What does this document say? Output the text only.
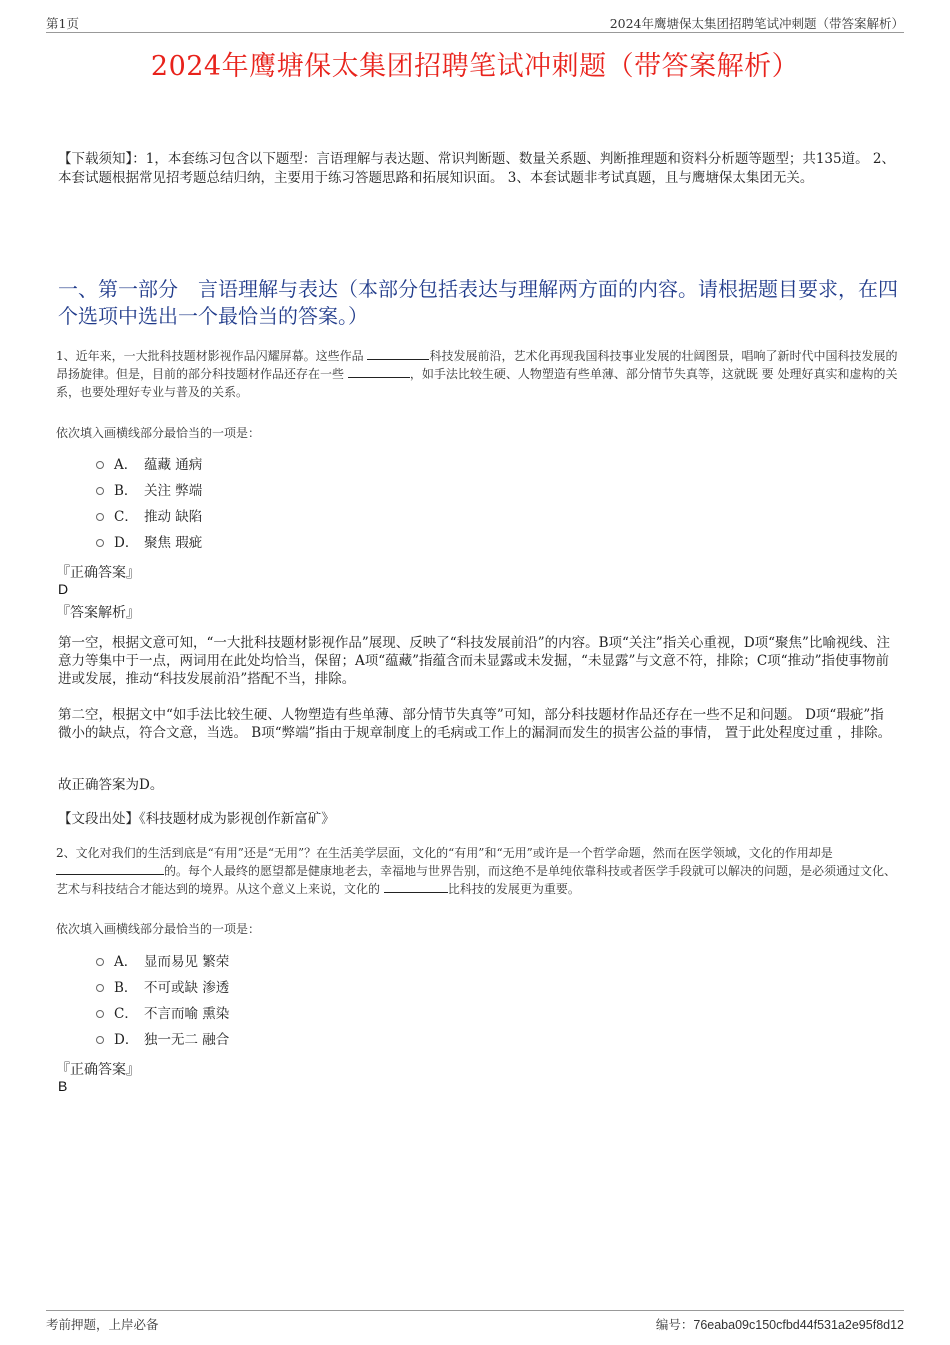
第1页	2024年鹰塘保太集团招聘笔试冲刺题（带答案解析）
2024年鹰塘保太集团招聘笔试冲刺题（带答案解析）
【下载须知】：1，本套练习包含以下题型：言语理解与表达题、常识判断题、数量关系题、判断推理题和资料分析题等题型；共135道。 2、本套试题根据常见招考题总结归纳，主要用于练习答题思路和拓展知识面。 3、本套试题非考试真题，且与鹰塘保太集团无关。
一、第一部分　言语理解与表达（本部分包括表达与理解两方面的内容。请根据题目要求，在四个选项中选出一个最恰当的答案。）
1、近年来，一大批科技题材影视作品闪耀屏幕。这些作品	科技发展前沿，艺术化再现我国科技事业发展的壮阔图景，唱响了新时代中国科技发展的昂扬旋律。但是，目前的部分科技题材作品还存在一些	，如手法比较生硬、人物塑造有些单薄、部分情节失真等，这就既 要 处理好真实和虚构的关系，也要处理好专业与普及的关系。
依次填入画横线部分最恰当的一项是：
A． 蕴藏 通病
B． 关注 弊端
C． 推动 缺陷
D． 聚焦 瑕疵
『正确答案』
D
『答案解析』
第一空，根据文意可知，“一大批科技题材影视作品”展现、反映了“科技发展前沿”的内容。B项“关注”指关心重视，D项“聚焦”比喻视线、注意力等集中于一点，两词用在此处均恰当，保留；A项“蕴藏”指蕴含而未显露或未发掘，“未显露”与文意不符，排除；C项“推动”指使事物前进或发展，推动“科技发展前沿”搭配不当，排除。
第二空，根据文中“如手法比较生硬、人物塑造有些单薄、部分情节失真等”可知，部分科技题材作品还存在一些不足和问题。 D项“瑕疵”指微小的缺点，符合文意，当选。 B项“弊端”指由于规章制度上的毛病或工作上的漏洞而发生的损害公益的事情， 置于此处程度过重 ，排除。
故正确答案为D。
【文段出处】《科技题材成为影视创作新富矿》
2、文化对我们的生活到底是“有用”还是“无用”？在生活美学层面，文化的“有用”和“无用”或许是一个哲学命题，然而在医学领域，文化的作用却是 的。每个人最终的愿望都是健康地老去，幸福地与世界告别，而这绝不是单纯依靠科技或者医学手段就可以解决的问题，是必须通过文化、艺术与科技结合才能达到的境界。从这个意义上来说，文化的	比科技的发展更为重要。
依次填入画横线部分最恰当的一项是：
A． 显而易见 繁荣
B． 不可或缺 渗透
C． 不言而喻 熏染
D． 独一无二 融合
『正确答案』
B
考前押题，上岸必备	编号：76eaba09c150cfbd44f531a2e95f8d12
